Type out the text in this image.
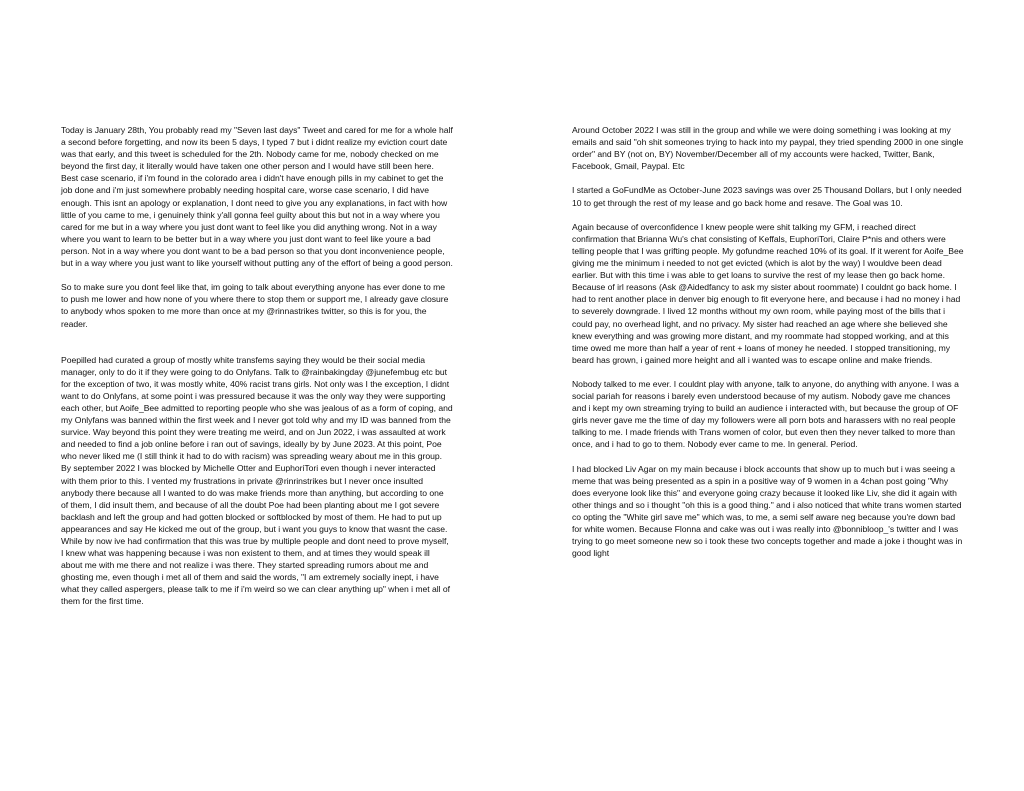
Today is January 28th, You probably read my "Seven last days" Tweet and cared for me for a whole half a second before forgetting, and now its been 5 days, I typed 7 but i didnt realize my eviction court date was that early, and this tweet is scheduled for the 2th. Nobody came for me, nobody checked on me beyond the first day, it literally would have taken one other person and I would have still been here. Best case scenario, if i'm found in the colorado area i didn't have enough pills in my cabinet to get the job done and i'm just somewhere probably needing hospital care, worse case scenario, I did have enough. This isnt an apology or explanation, I dont need to give you any explanations, in fact with how little of you came to me, i genuinely think y'all gonna feel guilty about this but not in a way where you cared for me but in a way where you just dont want to feel like you did anything wrong. Not in a way where you want to learn to be better but in a way where you just dont want to feel like youre a bad person. Not in a way where you dont want to be a bad person so that you dont inconvenience people, but in a way where you just want to like yourself without putting any of the effort of being a good person.

So to make sure you dont feel like that, im going to talk about everything anyone has ever done to me to push me lower and how none of you where there to stop them or support me, I already gave closure to anybody whos spoken to me more than once at my @rinnastrikes twitter, so this is for you, the reader.

Poepilled had curated a group of mostly white transfems saying they would be their social media manager, only to do it if they were going to do Onlyfans. Talk to @rainbakingday @junefembug etc but for the exception of two, it was mostly white, 40% racist trans girls. Not only was I the exception, I didnt want to do Onlyfans, at some point i was pressured because it was the only way they were supporting each other, but Aoife_Bee admitted to reporting people who she was jealous of as a form of coping, and my Onlyfans was banned within the first week and I never got told why and my ID was banned from the survice. Way beyond this point they were treating me weird, and on Jun 2022, i was assaulted at work and needed to find a job online before i ran out of savings, ideally by by June 2023. At this point, Poe who never liked me (I still think it had to do with racism) was spreading weary about me in this group. By september 2022 I was blocked by Michelle Otter and EuphoriTori even though i never interacted with them prior to this. I vented my frustrations in private @rinrinstrikes but I never once insulted anybody there because all I wanted to do was make friends more than anything, but according to one of them, I did insult them, and because of all the doubt Poe had been planting about me I got severe backlash and left the group and had gotten blocked or softblocked by most of them. He had to put up appearances and say He kicked me out of the group, but i want you guys to know that wasnt the case. While by now ive had confirmation that this was true by multiple people and dont need to prove myself, I knew what was happening because i was non existent to them, and at times they would speak ill about me with me there and not realize i was there. They started spreading rumors about me and ghosting me, even though i met all of them and said the words, "I am extremely socially inept, i have what they called aspergers, please talk to me if i'm weird so we can clear anything up" when i met all of them for the first time.

Around October 2022 I was still in the group and while we were doing something i was looking at my emails and said "oh shit someones trying to hack into my paypal, they tried spending 2000 in one single order" and BY (not on, BY) November/December all of my accounts were hacked, Twitter, Bank, Facebook, Gmail, Paypal. Etc

I started a GoFundMe as October-June 2023 savings was over 25 Thousand Dollars, but I only needed 10 to get through the rest of my lease and go back home and resave. The Goal was 10.

Again because of overconfidence I knew people were shit talking my GFM, i reached direct confirmation that Brianna Wu's chat consisting of Keffals, EuphoriTori, Claire P*nis and others were telling people that I was grifting people. My gofundme reached 10% of its goal. If it werent for Aoife_Bee giving me the minimum i needed to not get evicted (which is alot by the way) I wouldve been dead earlier. But with this time i was able to get loans to survive the rest of my lease then go back home. Because of irl reasons (Ask @Aidedfancy to ask my sister about roommate) I couldnt go back home. I had to rent another place in denver big enough to fit everyone here, and because i had no money i had to severely downgrade. I lived 12 months without my own room, while paying most of the bills that i could pay, no overhead light, and no privacy. My sister had reached an age where she believed she knew everything and was growing more distant, and my roommate had stopped working, and at this time owed me more than half a year of rent + loans of money he needed. I stopped transitioning, my beard has grown, i gained more height and all i wanted was to escape online and make friends.

Nobody talked to me ever. I couldnt play with anyone, talk to anyone, do anything with anyone. I was a social pariah for reasons i barely even understood because of my autism. Nobody gave me chances and i kept my own streaming trying to build an audience i interacted with, but because the group of OF girls never gave me the time of day my followers were all porn bots and harassers with no real people talking to me. I made friends with Trans women of color, but even then they never talked to more than once, and i had to go to them. Nobody ever came to me. In general. Period.

I had blocked Liv Agar on my main because i block accounts that show up to much but i was seeing a meme that was being presented as a spin in a positive way of 9 women in a 4chan post going "Why does everyone look like this" and everyone going crazy because it looked like Liv, she did it again with other things and so i thought "oh this is a good thing." and i also noticed that white trans women started co opting the "White girl save me" which was, to me, a semi self aware neg because you're down bad for white women. Because Flonna and cake was out i was really into @bonnibloop_'s twitter and I was trying to go meet someone new so i took these two concepts together and made a joke i thought was in good light
